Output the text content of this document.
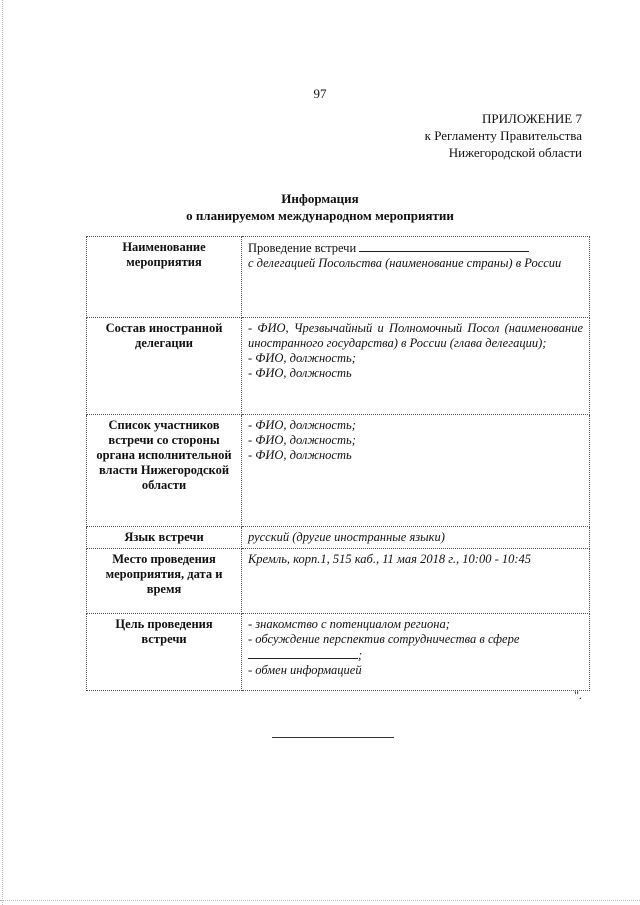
97
ПРИЛОЖЕНИЕ 7
к Регламенту Правительства
Нижегородской области
Информация
о планируемом международном мероприятии
Наименование мероприятия	Проведение встречи
с делегацией Посольства (наименование страны) в России
Состав иностранной делегации	- ФИО, Чрезвычайный и Полномочный Посол (наименование иностранного государства) в России (глава делегации);
- ФИО, должность;
- ФИО, должность

Список участников встречи со стороны органа исполнительной власти Нижегородской области	- ФИО, должность;
- ФИО, должность;
- ФИО, должность

Язык встречи	русский (другие иностранные языки)
Место проведения мероприятия, дата и время	Кремль, корп.1, 515 каб., 11 мая 2018 г., 10:00 - 10:45
Цель проведения встречи	- знакомство с потенциалом региона;
- обсуждение перспектив сотрудничества в сфере
;
- обмен информацией
".
